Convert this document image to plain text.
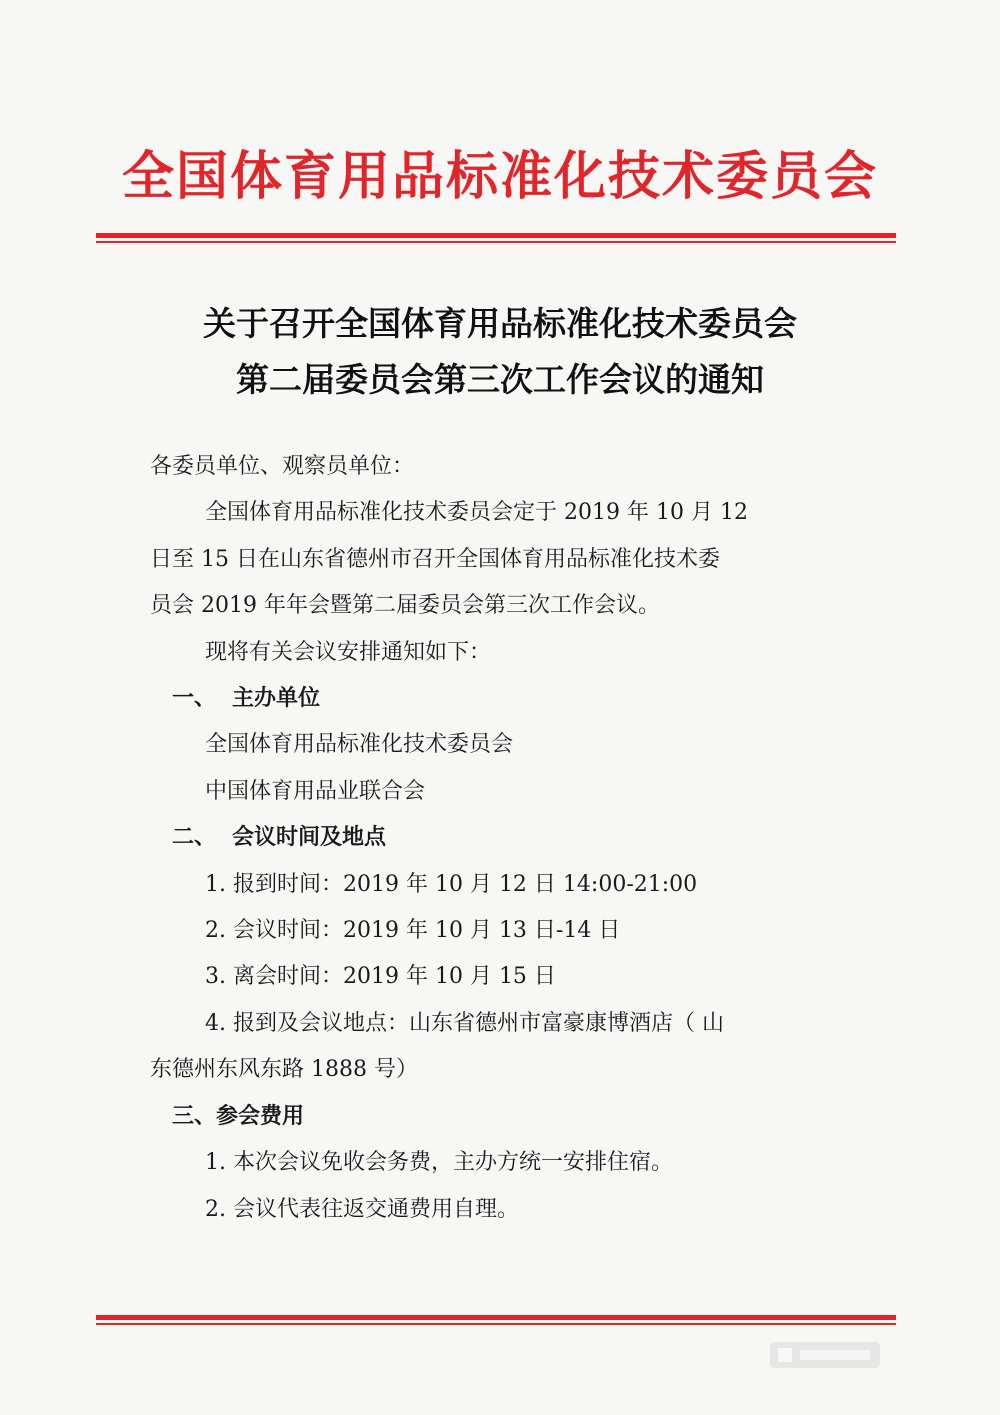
全国体育用品标准化技术委员会
关于召开全国体育用品标准化技术委员会
第二届委员会第三次工作会议的通知

各委员单位、观察员单位：

全国体育用品标准化技术委员会定于 2019 年 10 月 12

日至 15 日在山东省德州市召开全国体育用品标准化技术委

员会 2019 年年会暨第二届委员会第三次工作会议。

现将有关会议安排通知如下：

一、 主办单位

全国体育用品标准化技术委员会

中国体育用品业联合会

二、 会议时间及地点

1. 报到时间：2019 年 10 月 12 日 14:00-21:00

2. 会议时间：2019 年 10 月 13 日-14 日

3. 离会时间：2019 年 10 月 15 日

4. 报到及会议地点：山东省德州市富豪康博酒店（ 山

东德州东风东路 1888 号）

三、参会费用

1. 本次会议免收会务费，主办方统一安排住宿。

2. 会议代表往返交通费用自理。
